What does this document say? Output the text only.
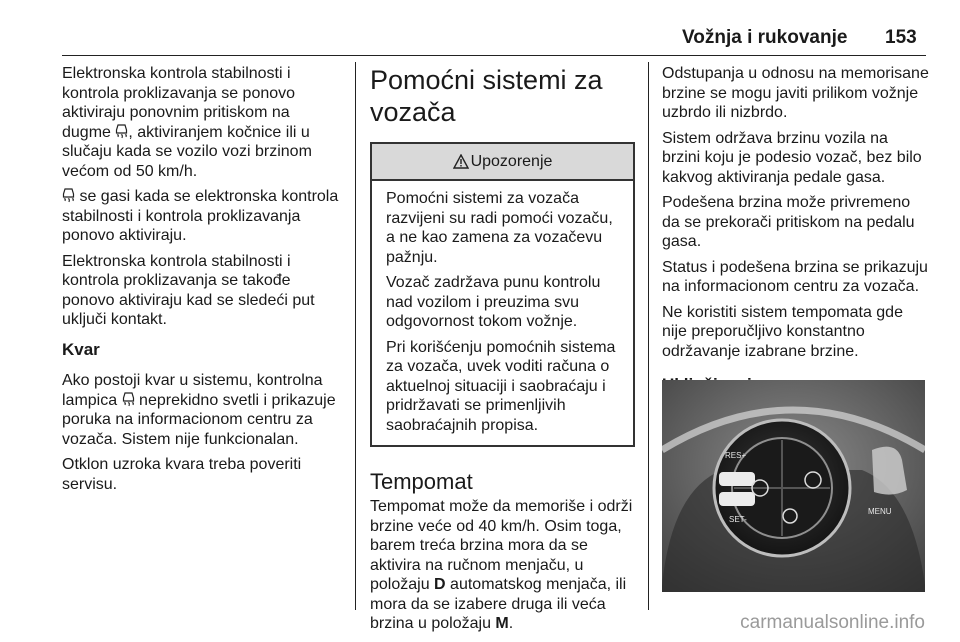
Vožnja i rukovanje 153

Elektronska kontrola stabilnosti i kontrola proklizavanja se ponovo aktiviraju ponovnim pritiskom na dugme , aktiviranjem kočnice ili u slučaju kada se vozilo vozi brzinom većom od 50 km/h.

se gasi kada se elektronska kontrola stabilnosti i kontrola proklizavanja ponovo aktiviraju.

Elektronska kontrola stabilnosti i kontrola proklizavanja se takođe ponovo aktiviraju kad se sledeći put uključi kontakt.

Kvar

Ako postoji kvar u sistemu, kontrolna lampica  neprekidno svetli i prikazuje poruka na informacionom centru za vozača. Sistem nije funkcionalan.

Otklon uzroka kvara treba poveriti servisu.

Pomoćni sistemi za vozača
Upozorenje

Pomoćni sistemi za vozača razvijeni su radi pomoći vozaču, a ne kao zamena za vozačevu pažnju.

Vozač zadržava punu kontrolu nad vozilom i preuzima svu odgovornost tokom vožnje.

Pri korišćenju pomoćnih sistema za vozača, uvek voditi računa o aktuelnoj situaciji i saobraćaju i pridržavati se primenljivih saobraćajnih propisa.

Tempomat

Tempomat može da memoriše i održi brzine veće od 40 km/h. Osim toga, barem treća brzina mora da se aktivira na ručnom menjaču, u položaju D automatskog menjača, ili mora da se izabere druga ili veća brzina u položaju M.

Odstupanja u odnosu na memorisane brzine se mogu javiti prilikom vožnje uzbrdo ili nizbrdo.

Sistem održava brzinu vozila na brzini koju je podesio vozač, bez bilo kakvog aktiviranja pedale gasa.

Podešena brzina može privremeno da se prekorači pritiskom na pedalu gasa.

Status i podešena brzina se prikazuju na informacionom centru za vozača.

Ne koristiti sistem tempomata gde nije preporučljivo konstantno održavanje izabrane brzine.

RES+
SET-
MENU
carmanualsonline.info
